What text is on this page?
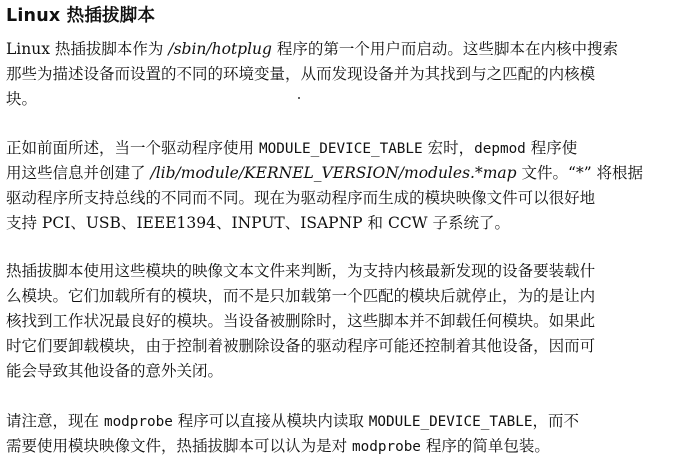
Linux 热插拔脚本
Linux 热插拔脚本作为 /sbin/hotplug 程序的第一个用户而启动。这些脚本在内核中搜索
那些为描述设备而设置的不同的环境变量，从而发现设备并为其找到与之匹配的内核模
块。
正如前面所述，当一个驱动程序使用 MODULE_DEVICE_TABLE 宏时，depmod 程序使
用这些信息并创建了 /lib/module/KERNEL_VERSION/modules.*map 文件。“*” 将根据
驱动程序所支持总线的不同而不同。现在为驱动程序而生成的模块映像文件可以很好地
支持 PCI、USB、IEEE1394、INPUT、ISAPNP 和 CCW 子系统了。
热插拔脚本使用这些模块的映像文本文件来判断，为支持内核最新发现的设备要装载什
么模块。它们加载所有的模块，而不是只加载第一个匹配的模块后就停止，为的是让内
核找到工作状况最良好的模块。当设备被删除时，这些脚本并不卸载任何模块。如果此
时它们要卸载模块，由于控制着被删除设备的驱动程序可能还控制着其他设备，因而可
能会导致其他设备的意外关闭。
请注意，现在 modprobe 程序可以直接从模块内读取 MODULE_DEVICE_TABLE，而不
需要使用模块映像文件，热插拔脚本可以认为是对 modprobe 程序的简单包装。
